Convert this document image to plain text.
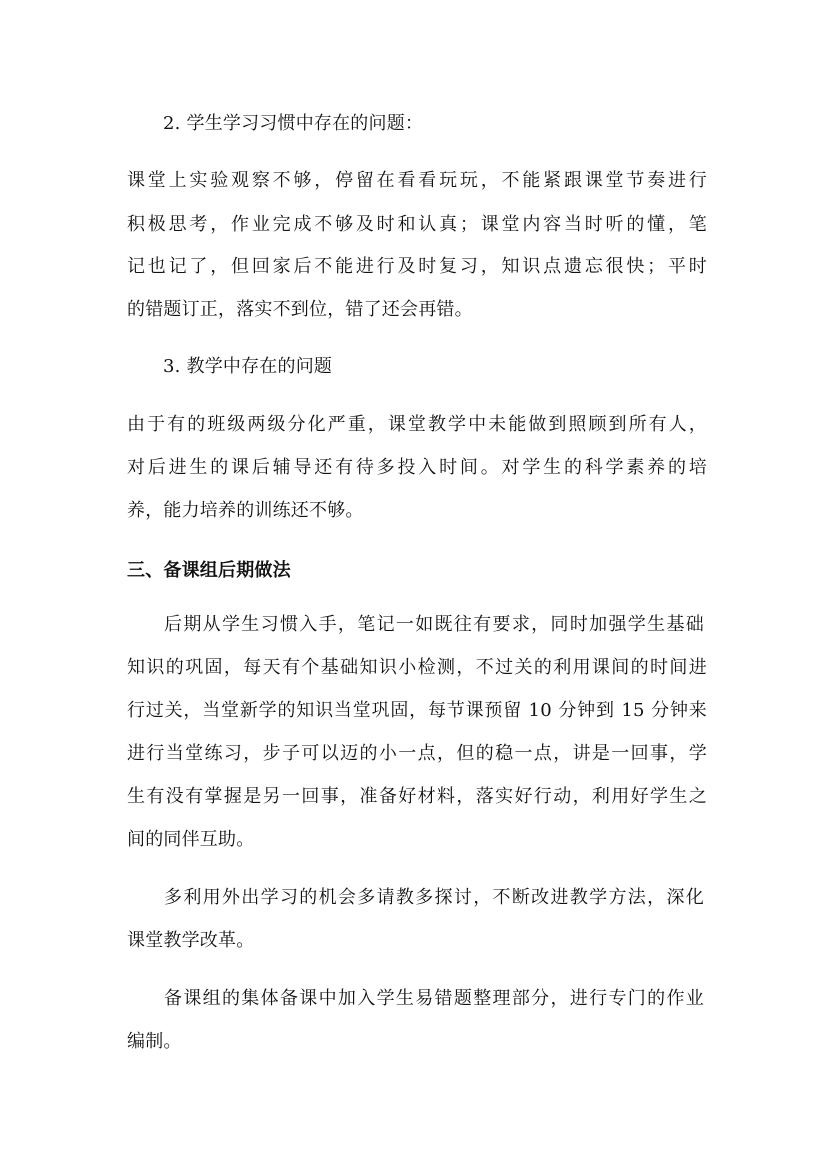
2. 学生学习习惯中存在的问题：
课堂上实验观察不够，停留在看看玩玩，不能紧跟课堂节奏进行
积极思考，作业完成不够及时和认真；课堂内容当时听的懂，笔
记也记了，但回家后不能进行及时复习，知识点遗忘很快；平时
的错题订正，落实不到位，错了还会再错。
3. 教学中存在的问题
由于有的班级两级分化严重，课堂教学中未能做到照顾到所有人，
对后进生的课后辅导还有待多投入时间。对学生的科学素养的培
养，能力培养的训练还不够。
三、备课组后期做法
后期从学生习惯入手，笔记一如既往有要求，同时加强学生基础
知识的巩固，每天有个基础知识小检测，不过关的利用课间的时间进
行过关，当堂新学的知识当堂巩固，每节课预留 10 分钟到 15 分钟来
进行当堂练习，步子可以迈的小一点，但的稳一点，讲是一回事，学
生有没有掌握是另一回事，准备好材料，落实好行动，利用好学生之
间的同伴互助。
多利用外出学习的机会多请教多探讨，不断改进教学方法，深化
课堂教学改革。
备课组的集体备课中加入学生易错题整理部分，进行专门的作业
编制。
